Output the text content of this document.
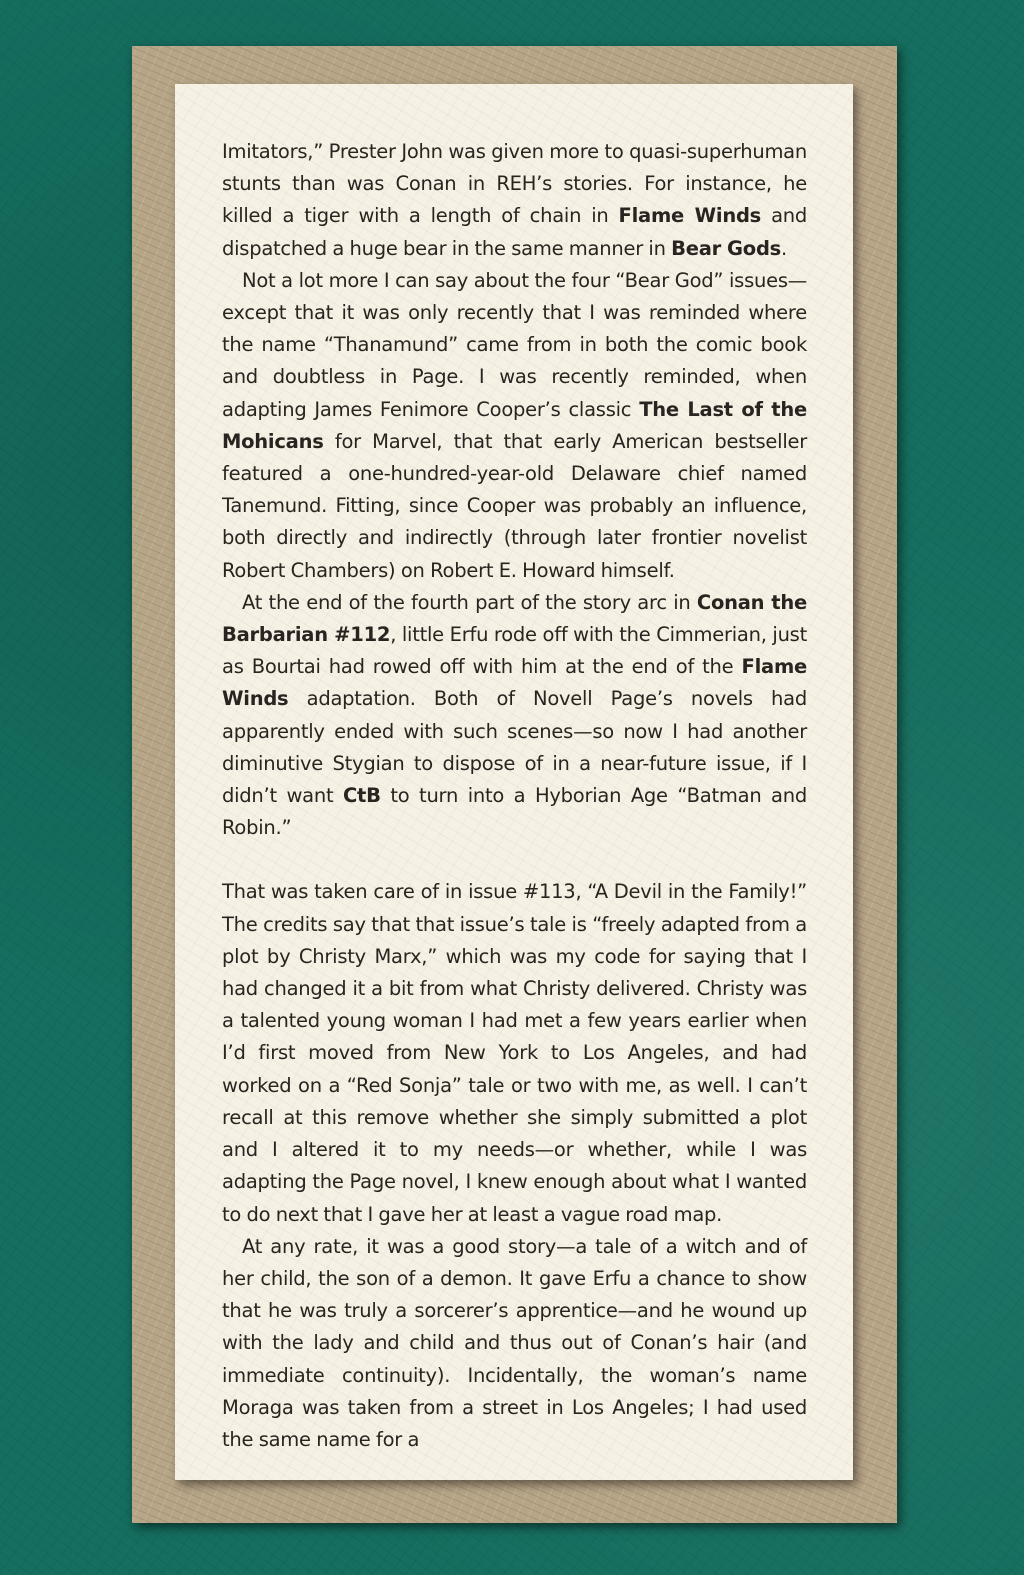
Imitators,” Prester John was given more to quasi-superhuman stunts than was Conan in REH’s stories. For instance, he killed a tiger with a length of chain in Flame Winds and dispatched a huge bear in the same manner in Bear Gods.

Not a lot more I can say about the four “Bear God” issues—except that it was only recently that I was reminded where the name “Thanamund” came from in both the comic book and doubtless in Page. I was recently reminded, when adapting James Fenimore Cooper’s classic The Last of the Mohicans for Marvel, that that early American bestseller featured a one-hundred-year-old Delaware chief named Tanemund. Fitting, since Cooper was probably an influence, both directly and indirectly (through later frontier novelist Robert Chambers) on Robert E. Howard himself.

At the end of the fourth part of the story arc in Conan the Barbarian #112, little Erfu rode off with the Cimmerian, just as Bourtai had rowed off with him at the end of the Flame Winds adaptation. Both of Novell Page’s novels had apparently ended with such scenes—so now I had another diminutive Stygian to dispose of in a near-future issue, if I didn’t want CtB to turn into a Hyborian Age “Batman and Robin.”

That was taken care of in issue #113, “A Devil in the Family!” The credits say that that issue’s tale is “freely adapted from a plot by Christy Marx,” which was my code for saying that I had changed it a bit from what Christy delivered. Christy was a talented young woman I had met a few years earlier when I’d first moved from New York to Los Angeles, and had worked on a “Red Sonja” tale or two with me, as well. I can’t recall at this remove whether she simply submitted a plot and I altered it to my needs—or whether, while I was adapting the Page novel, I knew enough about what I wanted to do next that I gave her at least a vague road map.

At any rate, it was a good story—a tale of a witch and of her child, the son of a demon. It gave Erfu a chance to show that he was truly a sorcerer’s apprentice—and he wound up with the lady and child and thus out of Conan’s hair (and immediate continuity). Incidentally, the woman’s name Moraga was taken from a street in Los Angeles; I had used the same name for a
